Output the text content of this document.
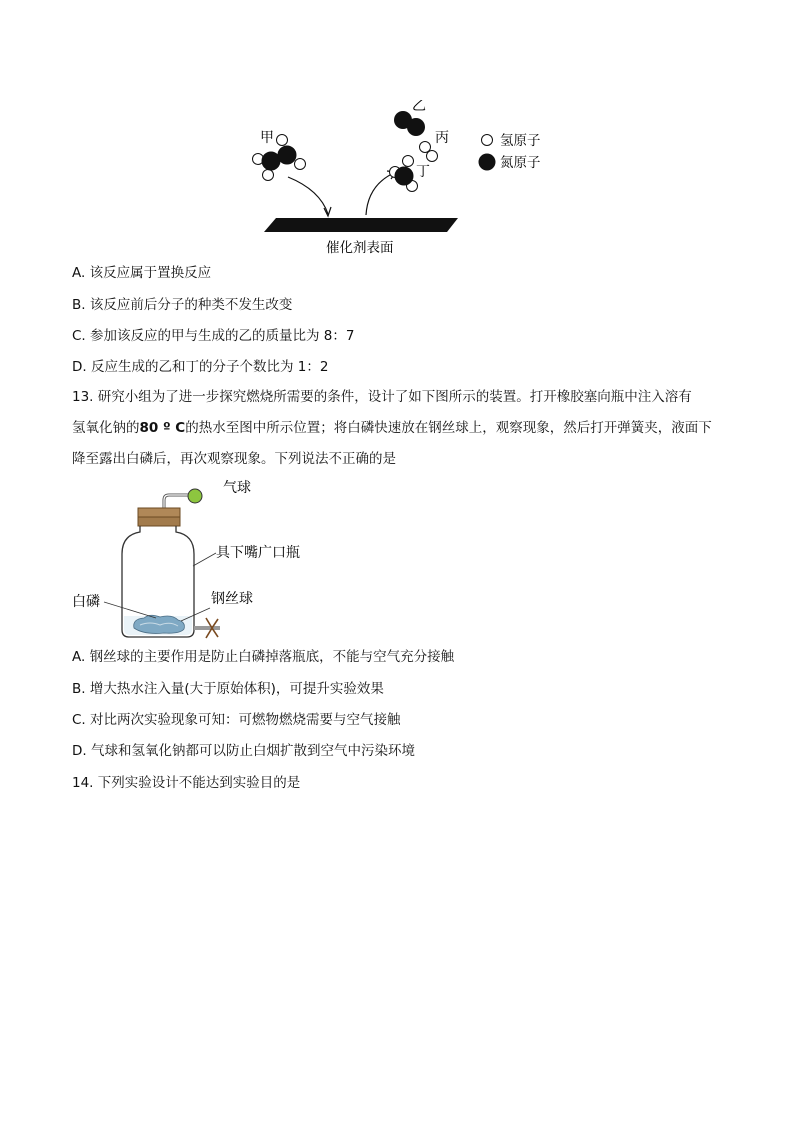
甲
催化剂表面
乙
丙
丁
氢原子
氮原子
A. 该反应属于置换反应
B. 该反应前后分子的种类不发生改变
C. 参加该反应的甲与生成的乙的质量比为 8：7
D. 反应生成的乙和丁的分子个数比为 1：2
13. 研究小组为了进一步探究燃烧所需要的条件，设计了如下图所示的装置。打开橡胶塞向瓶中注入溶有
氢氧化钠的80 º C的热水至图中所示位置；将白磷快速放在钢丝球上，观察现象，然后打开弹簧夹，液面下
降至露出白磷后，再次观察现象。下列说法不正确的是
气球
具下嘴广口瓶
白磷	钢丝球
A. 钢丝球的主要作用是防止白磷掉落瓶底，不能与空气充分接触
B. 增大热水注入量(大于原始体积)，可提升实验效果
C. 对比两次实验现象可知：可燃物燃烧需要与空气接触
D. 气球和氢氧化钠都可以防止白烟扩散到空气中污染环境
14. 下列实验设计不能达到实验目的是
